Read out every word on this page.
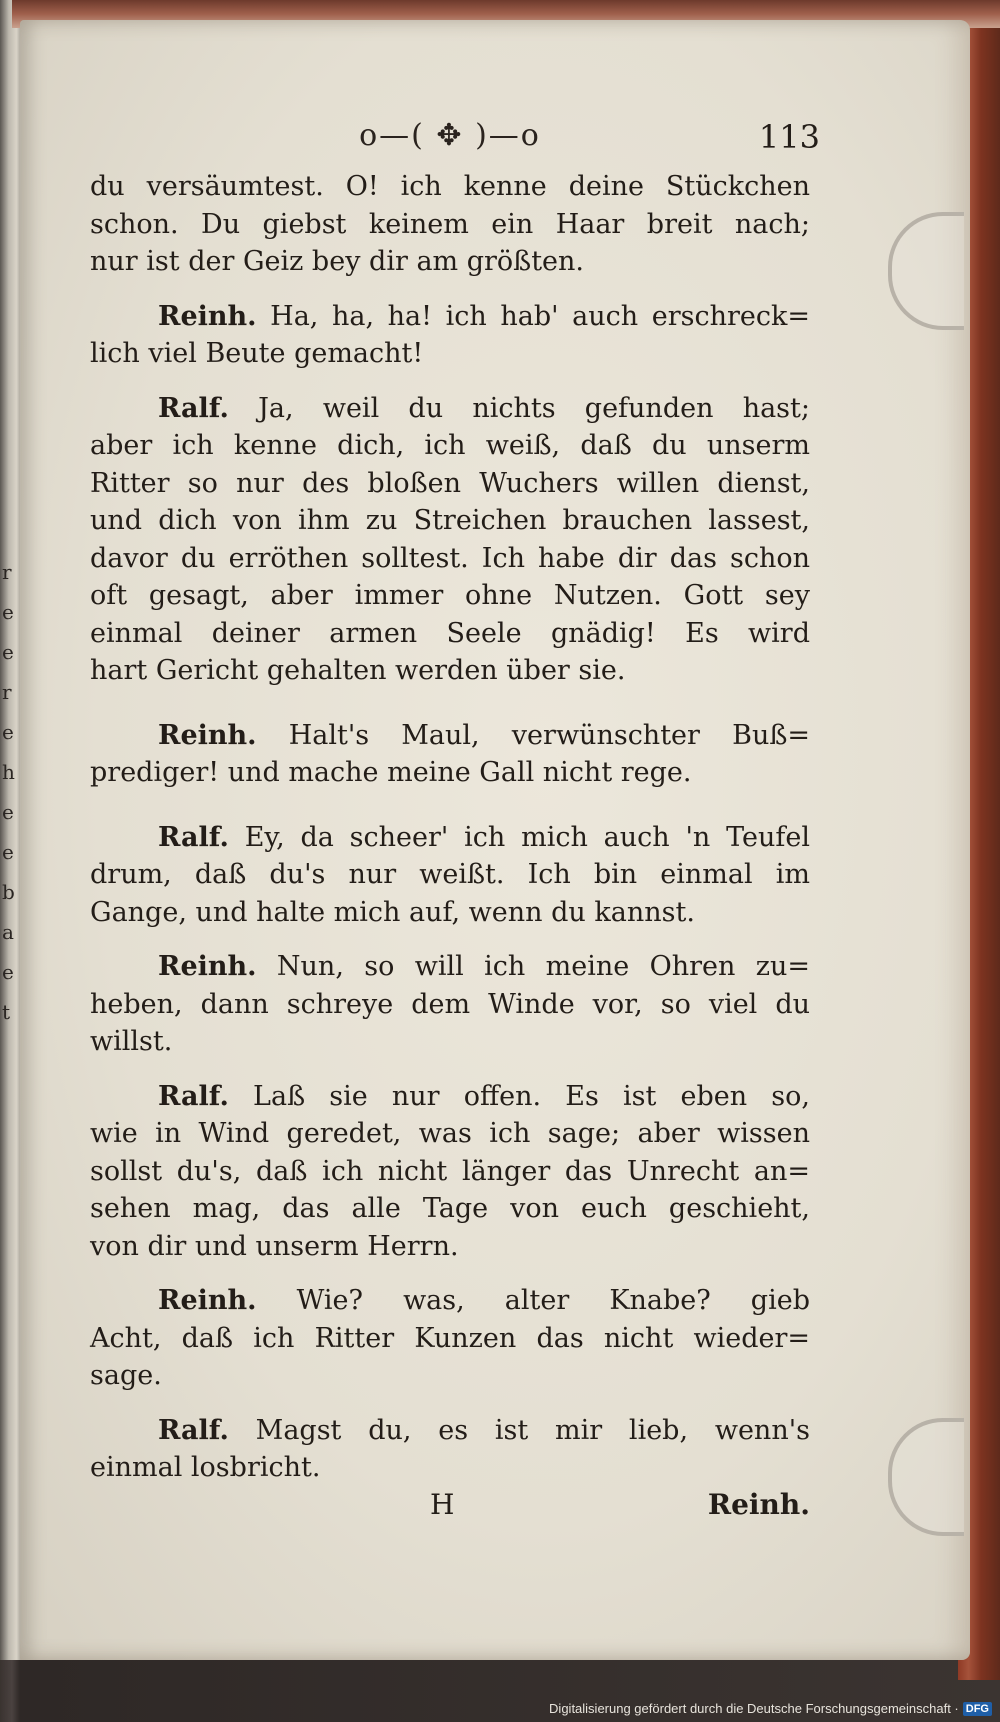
r
e
e
r
e
h
e
e
b
a
e
t
o—( ✥ )—o	113
du versäumtest. O! ich kenne deine Stückchen
schon. Du giebst keinem ein Haar breit nach;
nur ist der Geiz bey dir am größten.
Reinh. Ha, ha, ha! ich hab' auch erschreck=
lich viel Beute gemacht!
Ralf. Ja, weil du nichts gefunden hast;
aber ich kenne dich, ich weiß, daß du unserm
Ritter so nur des bloßen Wuchers willen dienst,
und dich von ihm zu Streichen brauchen lassest,
davor du erröthen solltest. Ich habe dir das schon
oft gesagt, aber immer ohne Nutzen. Gott sey
einmal deiner armen Seele gnädig! Es wird
hart Gericht gehalten werden über sie.
Reinh. Halt's Maul, verwünschter Buß=
prediger! und mache meine Gall nicht rege.
Ralf. Ey, da scheer' ich mich auch 'n Teufel
drum, daß du's nur weißt. Ich bin einmal im
Gange, und halte mich auf, wenn du kannst.
Reinh. Nun, so will ich meine Ohren zu=
heben, dann schreye dem Winde vor, so viel du
willst.
Ralf. Laß sie nur offen. Es ist eben so,
wie in Wind geredet, was ich sage; aber wissen
sollst du's, daß ich nicht länger das Unrecht an=
sehen mag, das alle Tage von euch geschieht,
von dir und unserm Herrn.
Reinh. Wie? was, alter Knabe? gieb
Acht, daß ich Ritter Kunzen das nicht wieder=
sage.
Ralf. Magst du, es ist mir lieb, wenn's
einmal losbricht.
H	Reinh.
Digitalisierung gefördert durch die Deutsche Forschungsgemeinschaft · DFG
